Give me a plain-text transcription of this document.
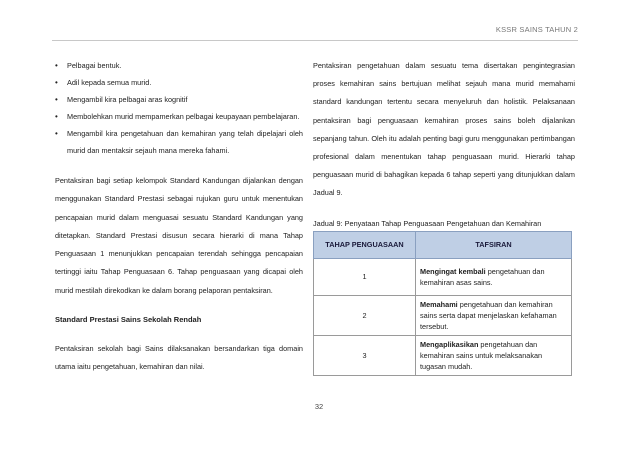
KSSR SAINS TAHUN 2
• Pelbagai bentuk.
• Adil kepada semua murid.
• Mengambil kira pelbagai aras kognitif
• Membolehkan murid mempamerkan pelbagai keupayaan pembelajaran.
• Mengambil kira pengetahuan dan kemahiran yang telah dipelajari oleh murid dan mentaksir sejauh mana mereka fahami.

Pentaksiran bagi setiap kelompok Standard Kandungan dijalankan dengan menggunakan Standard Prestasi sebagai rujukan guru untuk menentukan pencapaian murid dalam menguasai sesuatu Standard Kandungan yang ditetapkan. Standard Prestasi disusun secara hierarki di mana Tahap Penguasaan 1 menunjukkan pencapaian terendah sehingga pencapaian tertinggi iaitu Tahap Penguasaan 6. Tahap penguasaan yang dicapai oleh murid mestilah direkodkan ke dalam borang pelaporan pentaksiran.

Standard Prestasi Sains Sekolah Rendah

Pentaksiran sekolah bagi Sains dilaksanakan bersandarkan tiga domain utama iaitu pengetahuan, kemahiran dan nilai.

Pentaksiran pengetahuan dalam sesuatu tema disertakan pengintegrasian proses kemahiran sains bertujuan melihat sejauh mana murid memahami standard kandungan tertentu secara menyeluruh dan holistik. Pelaksanaan pentaksiran bagi penguasaan kemahiran proses sains boleh dijalankan sepanjang tahun. Oleh itu adalah penting bagi guru menggunakan pertimbangan profesional dalam menentukan tahap penguasaan murid. Hierarki tahap penguasaan murid di bahagikan kepada 6 tahap seperti yang ditunjukkan dalam Jadual 9.

Jadual 9: Penyataan Tahap Penguasaan Pengetahuan dan Kemahiran

TAHAP PENGUASAAN	TAFSIRAN
1	Mengingat kembali pengetahuan dan kemahiran asas sains.
2	Memahami pengetahuan dan kemahiran sains serta dapat menjelaskan kefahaman tersebut.
3	Mengaplikasikan pengetahuan dan kemahiran sains untuk melaksanakan tugasan mudah.
32
